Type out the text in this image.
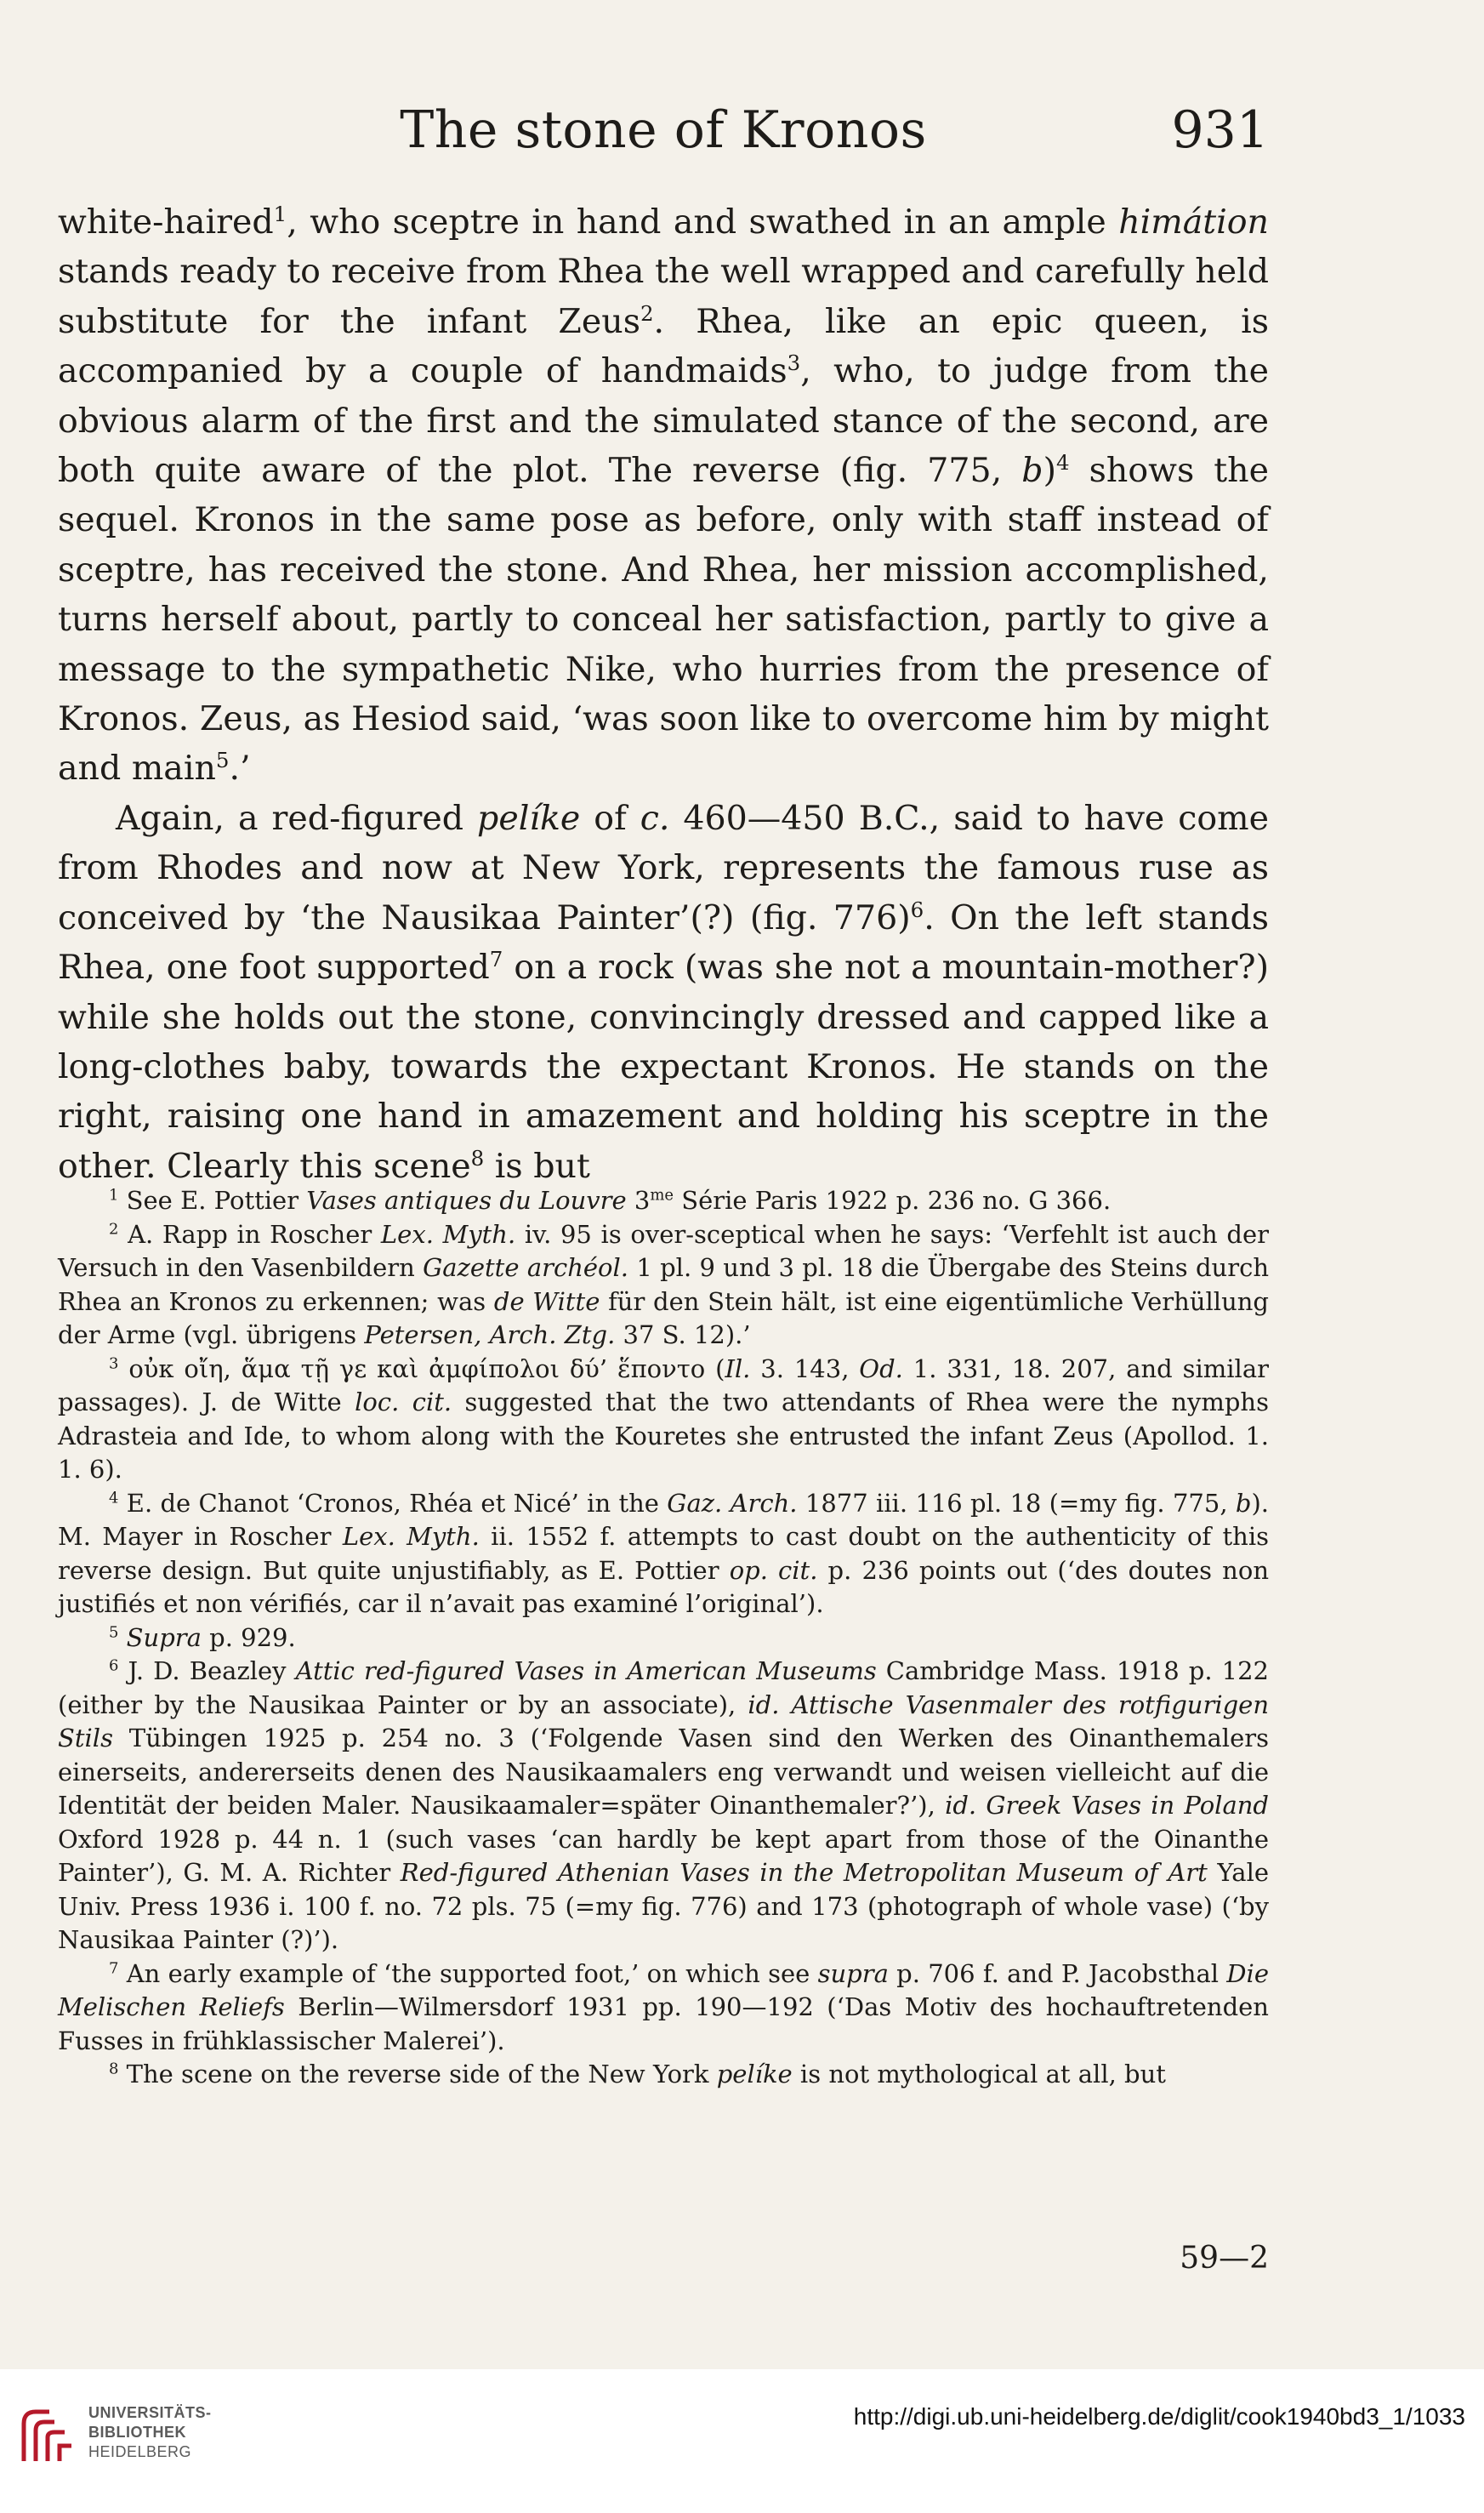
The stone of Kronos	931

white-haired$^1$, who sceptre in hand and swathed in an ample himátion stands ready to receive from Rhea the well wrapped and carefully held substitute for the infant Zeus$^2$. Rhea, like an epic queen, is accompanied by a couple of handmaids$^3$, who, to judge from the obvious alarm of the first and the simulated stance of the second, are both quite aware of the plot. The reverse (fig. 775, b)$^4$ shows the sequel. Kronos in the same pose as before, only with staff instead of sceptre, has received the stone. And Rhea, her mission accomplished, turns herself about, partly to conceal her satisfaction, partly to give a message to the sympathetic Nike, who hurries from the presence of Kronos. Zeus, as Hesiod said, ‘was soon like to overcome him by might and main$^5$.’

Again, a red-figured pelíke of c. 460—450 B.C., said to have come from Rhodes and now at New York, represents the famous ruse as conceived by ‘the Nausikaa Painter’(?) (fig. 776)$^6$. On the left stands Rhea, one foot supported$^7$ on a rock (was she not a mountain-mother?) while she holds out the stone, convincingly dressed and capped like a long-clothes baby, towards the expectant Kronos. He stands on the right, raising one hand in amazement and holding his sceptre in the other. Clearly this scene$^8$ is but

$^1$ See E. Pottier Vases antiques du Louvre $3^{me}$ Série Paris 1922 p. 236 no. G 366.

$^2$ A. Rapp in Roscher Lex. Myth. iv. 95 is over-sceptical when he says: ‘Verfehlt ist auch der Versuch in den Vasenbildern Gazette archéol. 1 pl. 9 und 3 pl. 18 die Übergabe des Steins durch Rhea an Kronos zu erkennen; was de Witte für den Stein hält, ist eine eigentümliche Verhüllung der Arme (vgl. übrigens Petersen, Arch. Ztg. 37 S. 12).’

$^3$ οὐκ οἴη, ἅμα τῇ γε καὶ ἀμφίπολοι δύ’ ἕποντο (Il. 3. 143, Od. 1. 331, 18. 207, and similar passages). J. de Witte loc. cit. suggested that the two attendants of Rhea were the nymphs Adrasteia and Ide, to whom along with the Kouretes she entrusted the infant Zeus (Apollod. 1. 1. 6).

$^4$ E. de Chanot ‘Cronos, Rhéa et Nicé’ in the Gaz. Arch. 1877 iii. 116 pl. 18 (=my fig. 775, b). M. Mayer in Roscher Lex. Myth. ii. 1552 f. attempts to cast doubt on the authenticity of this reverse design. But quite unjustifiably, as E. Pottier op. cit. p. 236 points out (‘des doutes non justifiés et non vérifiés, car il n’avait pas examiné l’original’).

$^5$ Supra p. 929.

$^6$ J. D. Beazley Attic red-figured Vases in American Museums Cambridge Mass. 1918 p. 122 (either by the Nausikaa Painter or by an associate), id. Attische Vasenmaler des rotfigurigen Stils Tübingen 1925 p. 254 no. 3 (‘Folgende Vasen sind den Werken des Oinanthemalers einerseits, andererseits denen des Nausikaamalers eng verwandt und weisen vielleicht auf die Identität der beiden Maler. Nausikaamaler=später Oinanthemaler?’), id. Greek Vases in Poland Oxford 1928 p. 44 n. 1 (such vases ‘can hardly be kept apart from those of the Oinanthe Painter’), G. M. A. Richter Red-figured Athenian Vases in the Metropolitan Museum of Art Yale Univ. Press 1936 i. 100 f. no. 72 pls. 75 (=my fig. 776) and 173 (photograph of whole vase) (‘by Nausikaa Painter (?)’).

$^7$ An early example of ‘the supported foot,’ on which see supra p. 706 f. and P. Jacobsthal Die Melischen Reliefs Berlin—Wilmersdorf 1931 pp. 190—192 (‘Das Motiv des hochauftretenden Fusses in frühklassischer Malerei’).

$^8$ The scene on the reverse side of the New York pelíke is not mythological at all, but

59—2
UNIVERSITÄTS-
BIBLIOTHEK
HEIDELBERG
http://digi.ub.uni-heidelberg.de/diglit/cook1940bd3_1/1033
